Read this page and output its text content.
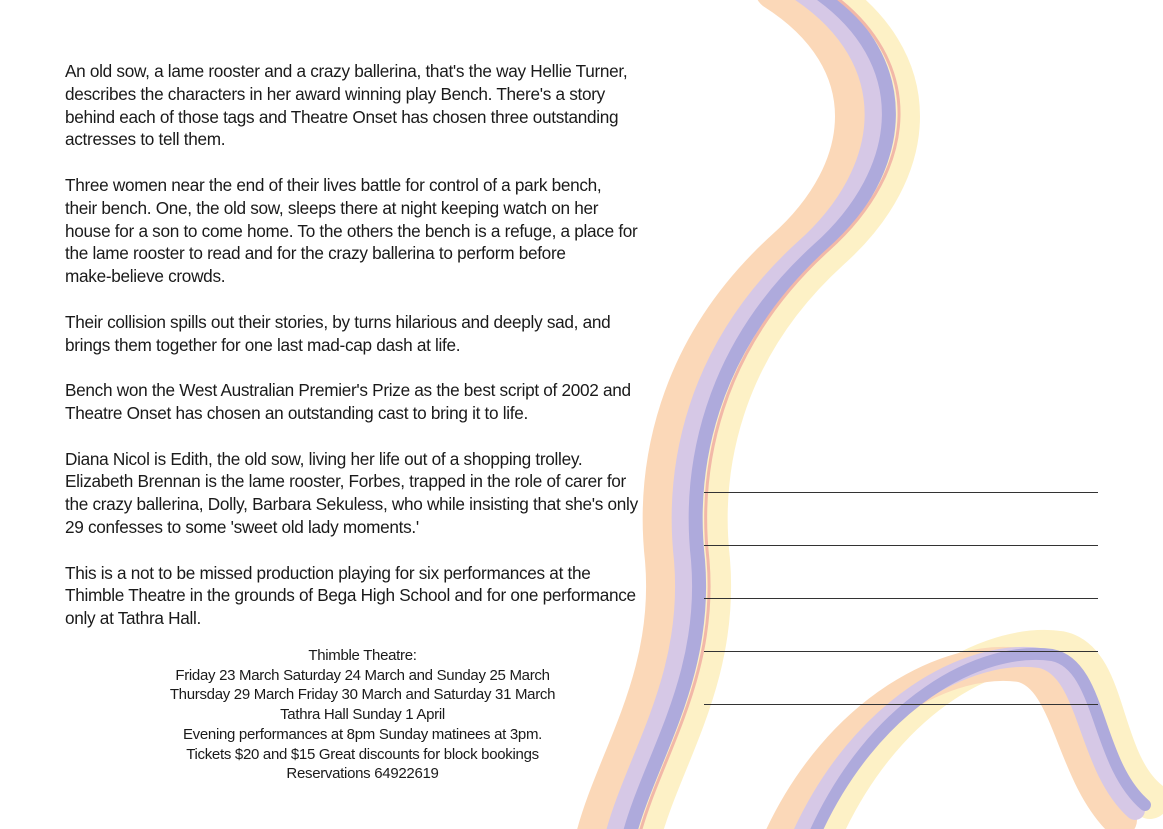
An old sow, a lame rooster and a crazy ballerina, that's the way Hellie Turner,
describes the characters in her award winning play Bench. There's a story
behind each of those tags and Theatre Onset has chosen three outstanding
actresses to tell them.

Three women near the end of their lives battle for control of a park bench,
their bench. One, the old sow, sleeps there at night keeping watch on her
house for a son to come home. To the others the bench is a refuge, a place for
the lame rooster to read and for the crazy ballerina to perform before
make-believe crowds.

Their collision spills out their stories, by turns hilarious and deeply sad, and
brings them together for one last mad-cap dash at life.

Bench won the West Australian Premier's Prize as the best script of 2002 and
Theatre Onset has chosen an outstanding cast to bring it to life.

Diana Nicol is Edith, the old sow, living her life out of a shopping trolley.
Elizabeth Brennan is the lame rooster, Forbes, trapped in the role of carer for
the crazy ballerina, Dolly, Barbara Sekuless, who while insisting that she's only
29 confesses to some 'sweet old lady moments.'

This is a not to be missed production playing for six performances at the
Thimble Theatre in the grounds of Bega High School and for one performance
only at Tathra Hall.

Thimble Theatre:
Friday 23 March Saturday 24 March and Sunday 25 March
Thursday 29 March Friday 30 March and Saturday 31 March
Tathra Hall Sunday 1 April
Evening performances at 8pm Sunday matinees at 3pm.
Tickets $20 and $15 Great discounts for block bookings
Reservations 64922619
